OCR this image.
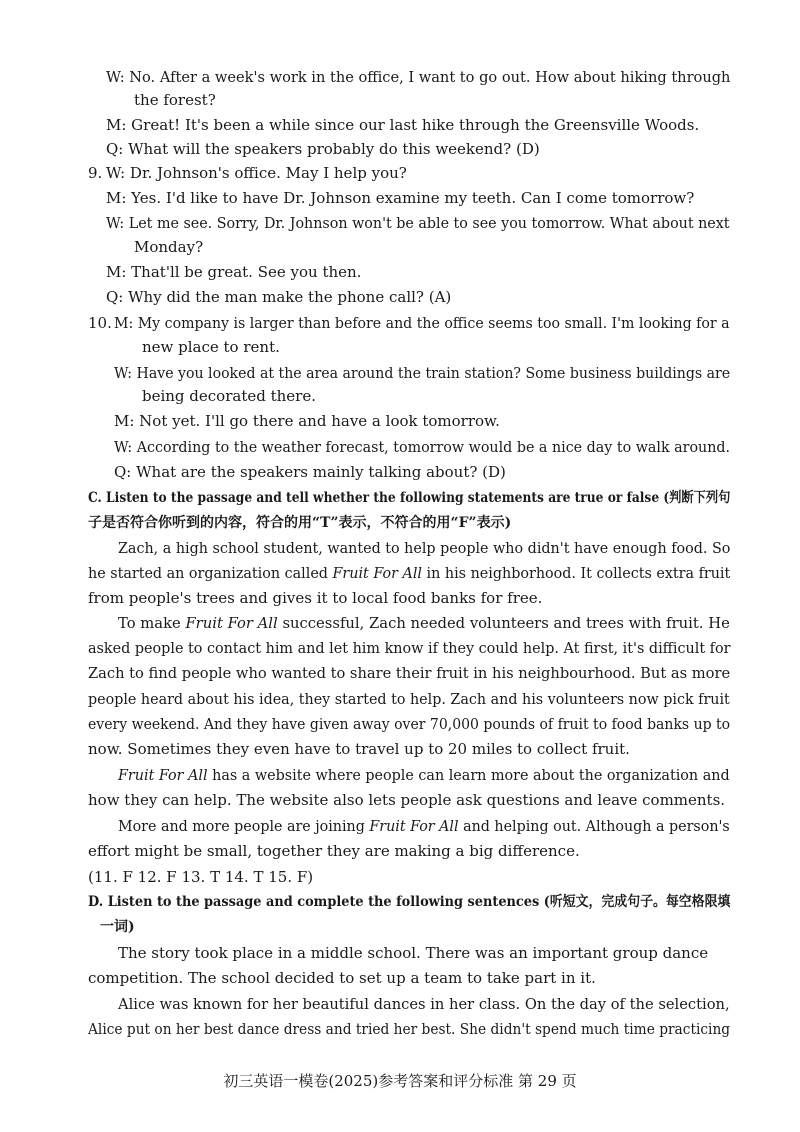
W: No. After a week's work in the office, I want to go out. How about hiking through
the forest?
M: Great! It's been a while since our last hike through the Greensville Woods.
Q: What will the speakers probably do this weekend? (D)
9. W: Dr. Johnson's office. May I help you?
M: Yes. I'd like to have Dr. Johnson examine my teeth. Can I come tomorrow?
W: Let me see. Sorry, Dr. Johnson won't be able to see you tomorrow. What about next
Monday?
M: That'll be great. See you then.
Q: Why did the man make the phone call? (A)
10. M: My company is larger than before and the office seems too small. I'm looking for a
new place to rent.
W: Have you looked at the area around the train station? Some business buildings are
being decorated there.
M: Not yet. I'll go there and have a look tomorrow.
W: According to the weather forecast, tomorrow would be a nice day to walk around.
Q: What are the speakers mainly talking about? (D)
C. Listen to the passage and tell whether the following statements are true or false (判断下列句
子是否符合你听到的内容，符合的用“T”表示，不符合的用“F”表示)
Zach, a high school student, wanted to help people who didn't have enough food. So
he started an organization called Fruit For All in his neighborhood. It collects extra fruit
from people's trees and gives it to local food banks for free.
To make Fruit For All successful, Zach needed volunteers and trees with fruit. He
asked people to contact him and let him know if they could help. At first, it's difficult for
Zach to find people who wanted to share their fruit in his neighbourhood. But as more
people heard about his idea, they started to help. Zach and his volunteers now pick fruit
every weekend. And they have given away over 70,000 pounds of fruit to food banks up to
now. Sometimes they even have to travel up to 20 miles to collect fruit.
Fruit For All has a website where people can learn more about the organization and
how they can help. The website also lets people ask questions and leave comments.
More and more people are joining Fruit For All and helping out. Although a person's
effort might be small, together they are making a big difference.
(11. F 12. F 13. T 14. T 15. F)
D. Listen to the passage and complete the following sentences (听短文，完成句子。每空格限填
一词)
The story took place in a middle school. There was an important group dance
competition. The school decided to set up a team to take part in it.
Alice was known for her beautiful dances in her class. On the day of the selection,
Alice put on her best dance dress and tried her best. She didn't spend much time practicing
初三英语一模卷(2025)参考答案和评分标准 第 29 页
